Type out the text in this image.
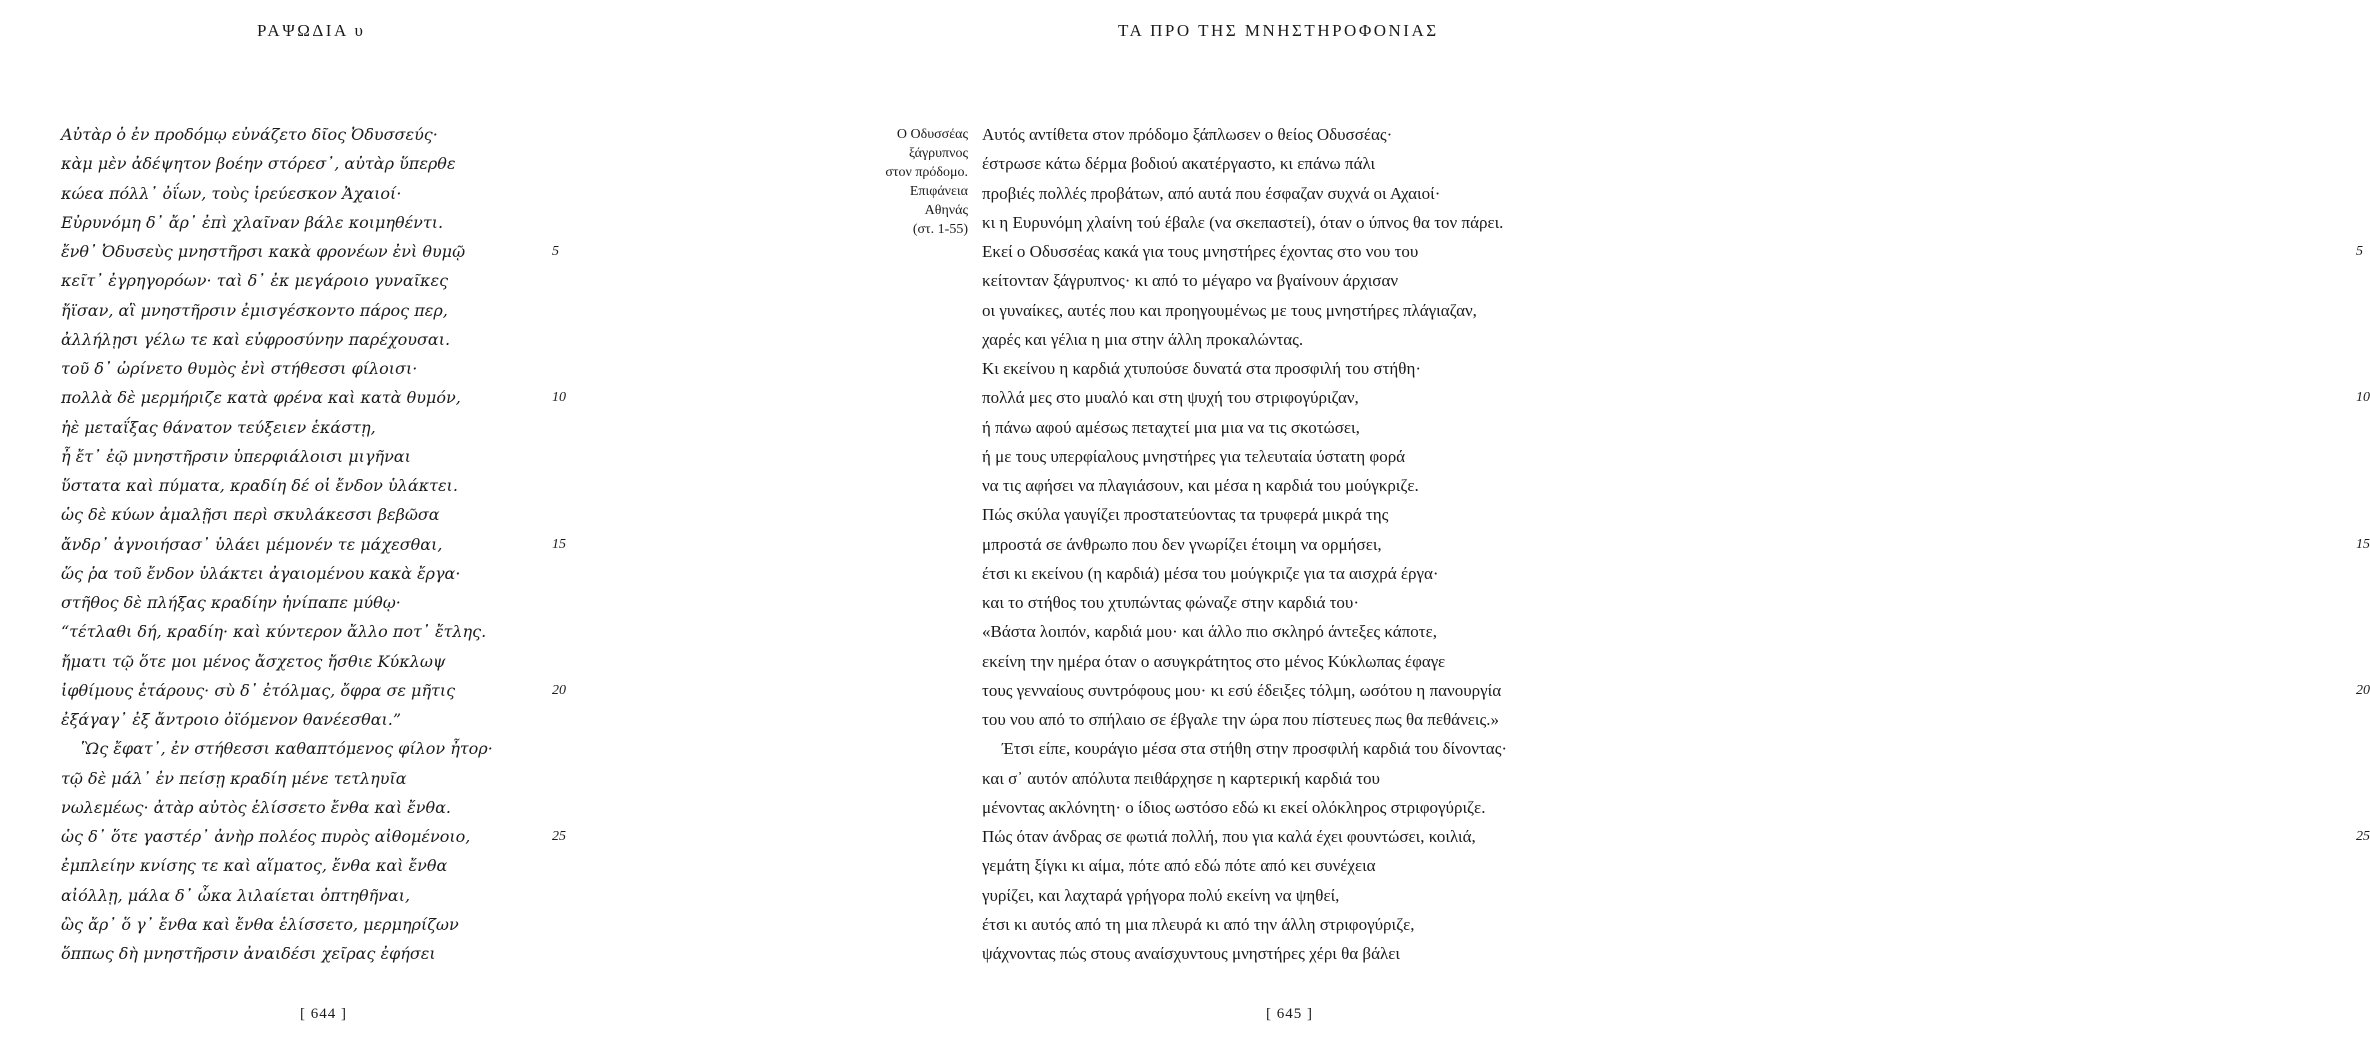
ΡΑΨΩΔΙΑ υ
Αὐτὰρ ὁ ἐν προδόμῳ εὐνάζετο δῖος Ὀδυσσεύς·
κὰμ μὲν ἀδέψητον βοέην στόρεσ᾽, αὐτὰρ ὕπερθε
κώεα πόλλ᾽ ὀΐων, τοὺς ἱρεύεσκον Ἀχαιοί·
Εὐρυνόμη δ᾽ ἄρ᾽ ἐπὶ χλαῖναν βάλε κοιμηθέντι.
ἔνθ᾽ Ὀδυσεὺς μνηστῆρσι κακὰ φρονέων ἐνὶ θυμῷ	5
κεῖτ᾽ ἐγρηγορόων· ταὶ δ᾽ ἐκ μεγάροιο γυναῖκες
ἤϊσαν, αἳ μνηστῆρσιν ἐμισγέσκοντο πάρος περ,
ἀλλήλῃσι γέλω τε καὶ εὐφροσύνην παρέχουσαι.
τοῦ δ᾽ ὠρίνετο θυμὸς ἐνὶ στήθεσσι φίλοισι·
πολλὰ δὲ μερμήριζε κατὰ φρένα καὶ κατὰ θυμόν,	10
ἠὲ μεταΐξας θάνατον τεύξειεν ἑκάστῃ,
ἦ ἔτ᾽ ἐῷ μνηστῆρσιν ὑπερφιάλοισι μιγῆναι
ὕστατα καὶ πύματα, κραδίη δέ οἱ ἔνδον ὑλάκτει.
ὡς δὲ κύων ἀμαλῇσι περὶ σκυλάκεσσι βεβῶσα
ἄνδρ᾽ ἀγνοιήσασ᾽ ὑλάει μέμονέν τε μάχεσθαι,	15
ὥς ῥα τοῦ ἔνδον ὑλάκτει ἀγαιομένου κακὰ ἔργα·
στῆθος δὲ πλήξας κραδίην ἠνίπαπε μύθῳ·
“τέτλαθι δή, κραδίη· καὶ κύντερον ἄλλο ποτ᾽ ἔτλης.
ἤματι τῷ ὅτε μοι μένος ἄσχετος ἤσθιε Κύκλωψ
ἰφθίμους ἑτάρους· σὺ δ᾽ ἐτόλμας, ὄφρα σε μῆτις	20
ἐξάγαγ᾽ ἐξ ἄντροιο ὀϊόμενον θανέεσθαι.”
Ὣς ἔφατ᾽, ἐν στήθεσσι καθαπτόμενος φίλον ἦτορ·
τῷ δὲ μάλ᾽ ἐν πείσῃ κραδίη μένε τετληυῖα
νωλεμέως· ἀτὰρ αὐτὸς ἑλίσσετο ἔνθα καὶ ἔνθα.
ὡς δ᾽ ὅτε γαστέρ᾽ ἀνὴρ πολέος πυρὸς αἰθομένοιο,	25
ἐμπλείην κνίσης τε καὶ αἵματος, ἔνθα καὶ ἔνθα
αἰόλλῃ, μάλα δ᾽ ὦκα λιλαίεται ὀπτηθῆναι,
ὣς ἄρ᾽ ὅ γ᾽ ἔνθα καὶ ἔνθα ἑλίσσετο, μερμηρίζων
ὅππως δὴ μνηστῆρσιν ἀναιδέσι χεῖρας ἐφήσει
[ 644 ]
ΤΑ ΠΡΟ ΤΗΣ ΜΝΗΣΤΗΡΟΦΟΝΙΑΣ
Ο Οδυσσέας
ξάγρυπνος
στον πρόδομο.
Επιφάνεια
Αθηνάς
(στ. 1-55)
Αυτός αντίθετα στον πρόδομο ξάπλωσεν ο θείος Οδυσσέας·
έστρωσε κάτω δέρμα βοδιού ακατέργαστο, κι επάνω πάλι
προβιές πολλές προβάτων, από αυτά που έσφαζαν συχνά οι Αχαιοί·
κι η Ευρυνόμη χλαίνη τού έβαλε (να σκεπαστεί), όταν ο ύπνος θα τον πάρει.
Εκεί ο Οδυσσέας κακά για τους μνηστήρες έχοντας στο νου του	5
κείτονταν ξάγρυπνος· κι από το μέγαρο να βγαίνουν άρχισαν
οι γυναίκες, αυτές που και προηγουμένως με τους μνηστήρες πλάγιαζαν,
χαρές και γέλια η μια στην άλλη προκαλώντας.
Κι εκείνου η καρδιά χτυπούσε δυνατά στα προσφιλή του στήθη·
πολλά μες στο μυαλό και στη ψυχή του στριφογύριζαν,	10
ή πάνω αφού αμέσως πεταχτεί μια μια να τις σκοτώσει,
ή με τους υπερφίαλους μνηστήρες για τελευταία ύστατη φορά
να τις αφήσει να πλαγιάσουν, και μέσα η καρδιά του μούγκριζε.
Πώς σκύλα γαυγίζει προστατεύοντας τα τρυφερά μικρά της
μπροστά σε άνθρωπο που δεν γνωρίζει έτοιμη να ορμήσει,	15
έτσι κι εκείνου (η καρδιά) μέσα του μούγκριζε για τα αισχρά έργα·
και το στήθος του χτυπώντας φώναζε στην καρδιά του·
«Βάστα λοιπόν, καρδιά μου· και άλλο πιο σκληρό άντεξες κάποτε,
εκείνη την ημέρα όταν ο ασυγκράτητος στο μένος Κύκλωπας έφαγε
τους γενναίους συντρόφους μου· κι εσύ έδειξες τόλμη, ωσότου η πανουργία	20
του νου από το σπήλαιο σε έβγαλε την ώρα που πίστευες πως θα πεθάνεις.»
Έτσι είπε, κουράγιο μέσα στα στήθη στην προσφιλή καρδιά του δίνοντας·
και σ᾽ αυτόν απόλυτα πειθάρχησε η καρτερική καρδιά του
μένοντας ακλόνητη· ο ίδιος ωστόσο εδώ κι εκεί ολόκληρος στριφογύριζε.
Πώς όταν άνδρας σε φωτιά πολλή, που για καλά έχει φουντώσει, κοιλιά,	25
γεμάτη ξίγκι κι αίμα, πότε από εδώ πότε από κει συνέχεια
γυρίζει, και λαχταρά γρήγορα πολύ εκείνη να ψηθεί,
έτσι κι αυτός από τη μια πλευρά κι από την άλλη στριφογύριζε,
ψάχνοντας πώς στους αναίσχυντους μνηστήρες χέρι θα βάλει
[ 645 ]
